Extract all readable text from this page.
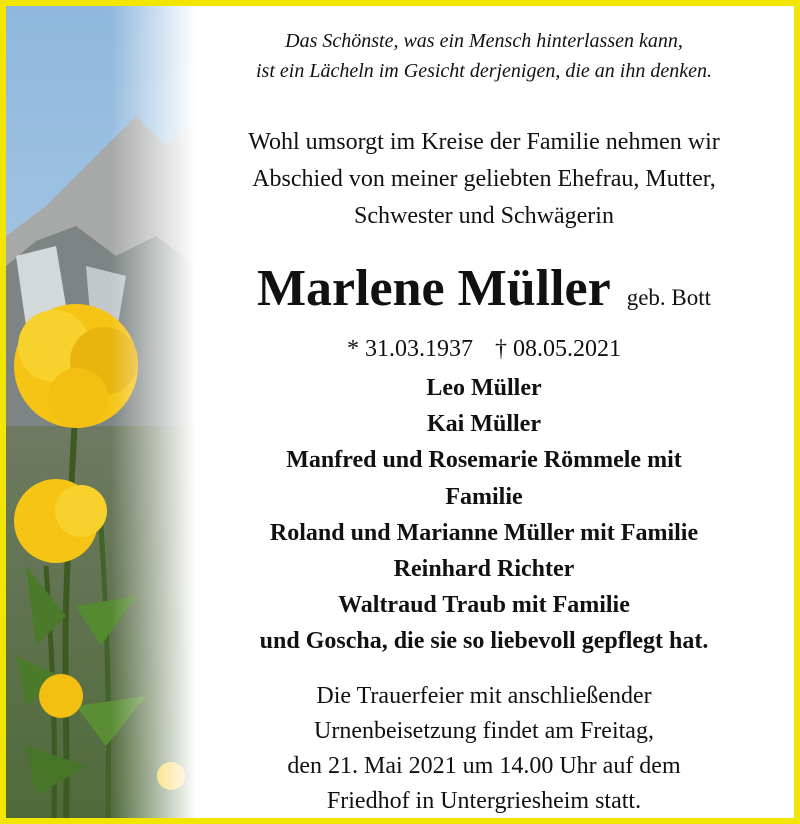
Das Schönste, was ein Mensch hinterlassen kann,
ist ein Lächeln im Gesicht derjenigen, die an ihn denken.
Wohl umsorgt im Kreise der Familie nehmen wir
Abschied von meiner geliebten Ehefrau, Mutter,
Schwester und Schwägerin
Marlene Müller geb. Bott
* 31.03.1937 † 08.05.2021
Leo Müller
Kai Müller
Manfred und Rosemarie Römmele mit
Familie
Roland und Marianne Müller mit Familie
Reinhard Richter
Waltraud Traub mit Familie
und Goscha, die sie so liebevoll gepflegt hat.
Die Trauerfeier mit anschließender
Urnenbeisetzung findet am Freitag,
den 21. Mai 2021 um 14.00 Uhr auf dem
Friedhof in Untergriesheim statt.
